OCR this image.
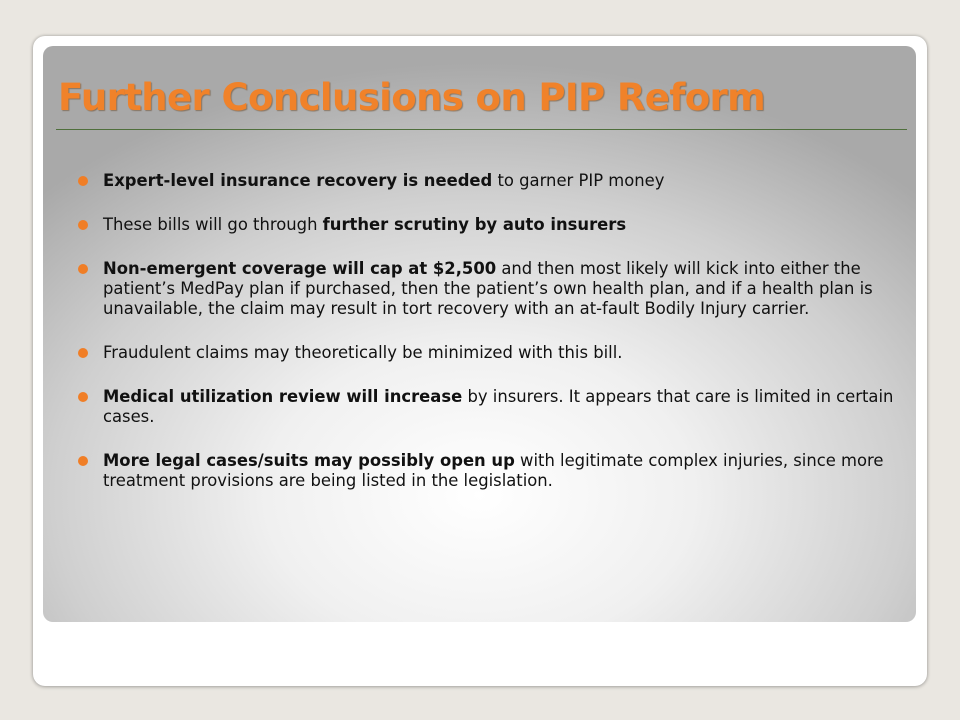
Further Conclusions on PIP Reform
Expert-level insurance recovery is needed to garner PIP money
These bills will go through further scrutiny by auto insurers
Non-emergent coverage will cap at $2,500 and then most likely will kick into either the patient’s MedPay plan if purchased, then the patient’s own health plan, and if a health plan is unavailable, the claim may result in tort recovery with an at-fault Bodily Injury carrier.
Fraudulent claims may theoretically be minimized with this bill.
Medical utilization review will increase by insurers. It appears that care is limited in certain cases.
More legal cases/suits may possibly open up with legitimate complex injuries, since more treatment provisions are being listed in the legislation.
